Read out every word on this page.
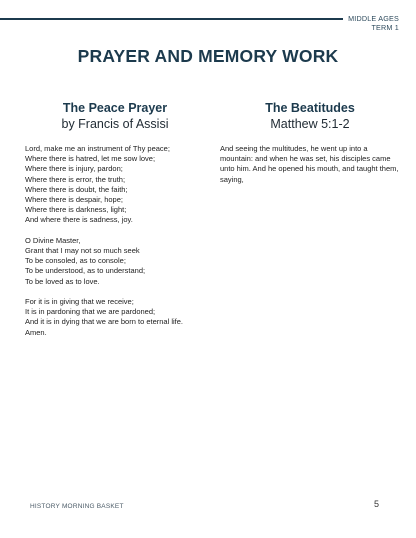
MIDDLE AGES
TERM 1
PRAYER AND MEMORY WORK
The Peace Prayer
by Francis of Assisi
Lord, make me an instrument of Thy peace;
Where there is hatred, let me sow love;
Where there is injury, pardon;
Where there is error, the truth;
Where there is doubt, the faith;
Where there is despair, hope;
Where there is darkness, light;
And where there is sadness, joy.
O Divine Master,
Grant that I may not so much seek
To be consoled, as to console;
To be understood, as to understand;
To be loved as to love.
For it is in giving that we receive;
It is in pardoning that we are pardoned;
And it is in dying that we are born to eternal life.
Amen.
The Beatitudes
Matthew 5:1-2

And seeing the multitudes, he went up into a mountain: and when he was set, his disciples came unto him. And he opened his mouth, and taught them, saying,

HISTORY MORNING BASKET	5
